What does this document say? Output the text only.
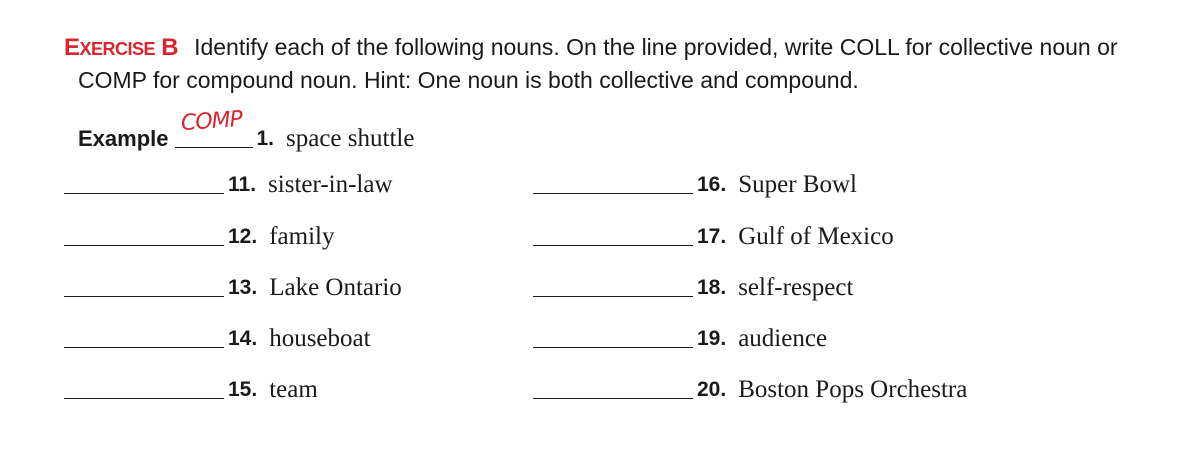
EXERCISE B Identify each of the following nouns. On the line provided, write COLL for collective noun or
COMP for compound noun. Hint: One noun is both collective and compound.
Example
COMP
1. space shuttle
11. sister-in-law
12. family
13. Lake Ontario
14. houseboat
15. team
16. Super Bowl
17. Gulf of Mexico
18. self-respect
19. audience
20. Boston Pops Orchestra
